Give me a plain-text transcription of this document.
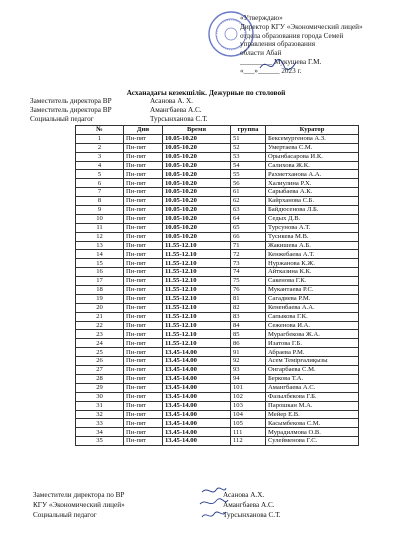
«Утверждаю»
Директор КГУ «Экономический лицей»
отдела образования города Семей
управления образования
области Абай
_________ Мукушева Г.М.
«___»______ 2023 г.
Асханадағы кезекшілік. Дежурные по столовой
Заместитель директора ВР	Асанова А. Х.
Заместитель директора ВР	Амангбаева А.С.
Социальный педагог	Турсынханова С.Т.
№	Дни	Время	группа	Куратор
1	Пн-пят	10.05-10.20	51	Бексемургенова А.З.
2	Пн-пят	10.05-10.20	52	Умертаева С.М.
3	Пн-пят	10.05-10.20	53	Орынбасарова И.К.
4	Пн-пят	10.05-10.20	54	Салихова Ж.К.
5	Пн-пят	10.05-10.20	55	Рахметханова А.А.
6	Пн-пят	10.05-10.20	56	Халиулина Р.Х.
7	Пн-пят	10.05-10.20	61	Сарыбаева А.К.
8	Пн-пят	10.05-10.20	62	Кайрханова С.Б.
9	Пн-пят	10.05-10.20	63	Байдюсенова Л.Б.
10	Пн-пят	10.05-10.20	64	Седых Д.В.
11	Пн-пят	10.05-10.20	65	Турсунова А.Т.
12	Пн-пят	10.05-10.20	66	Тусикева М.В.
13	Пн-пят	11.55-12.10	71	Жакишева А.Б.
14	Пн-пят	11.55-12.10	72	Кенжебаева А.Т.
15	Пн-пят	11.55-12.10	73	Нуржанова К.Ж.
16	Пн-пят	11.55-12.10	74	Айтказина К.К.
17	Пн-пят	11.55-12.10	75	Сакенова Г.К.
18	Пн-пят	11.55-12.10	76	Мукантаева Р.С.
19	Пн-пят	11.55-12.10	81	Сагадиева Р.М.
20	Пн-пят	11.55-12.10	82	Кененбаева А.А.
21	Пн-пят	11.55-12.10	83	Сапыкова Г.К.
22	Пн-пят	11.55-12.10	84	Сеженова И.А.
23	Пн-пят	11.55-12.10	85	Мурагбекова Ж.А.
24	Пн-пят	11.55-12.10	86	Изатова Г.Б.
25	Пн-пят	13.45-14.00	91	Абраева Р.М.
26	Пн-пят	13.45-14.00	92	Асем Темірғалиқызы
27	Пн-пят	13.45-14.00	93	Онгарбаева С.М.
28	Пн-пят	13.45-14.00	94	Беркова Т.А.
29	Пн-пят	13.45-14.00	101	Амангбаева А.С.
30	Пн-пят	13.45-14.00	102	Фазылбекова Г.Б.
31	Пн-пят	13.45-14.00	103	Парошкан М.А.
32	Пн-пят	13.45-14.00	104	Мейер Е.В.
33	Пн-пят	13.45-14.00	105	Касымбекова С.М.
34	Пн-пят	13.45-14.00	111	Мурадилмова О.В.
35	Пн-пят	13.45-14.00	112	Сулейменова Г.С.
Заместители директора по ВР	Асанова А.Х.
КГУ «Экономический лицей»	Амангбаева А.С.
Социальный педагог	Турсынханова С.Т.
